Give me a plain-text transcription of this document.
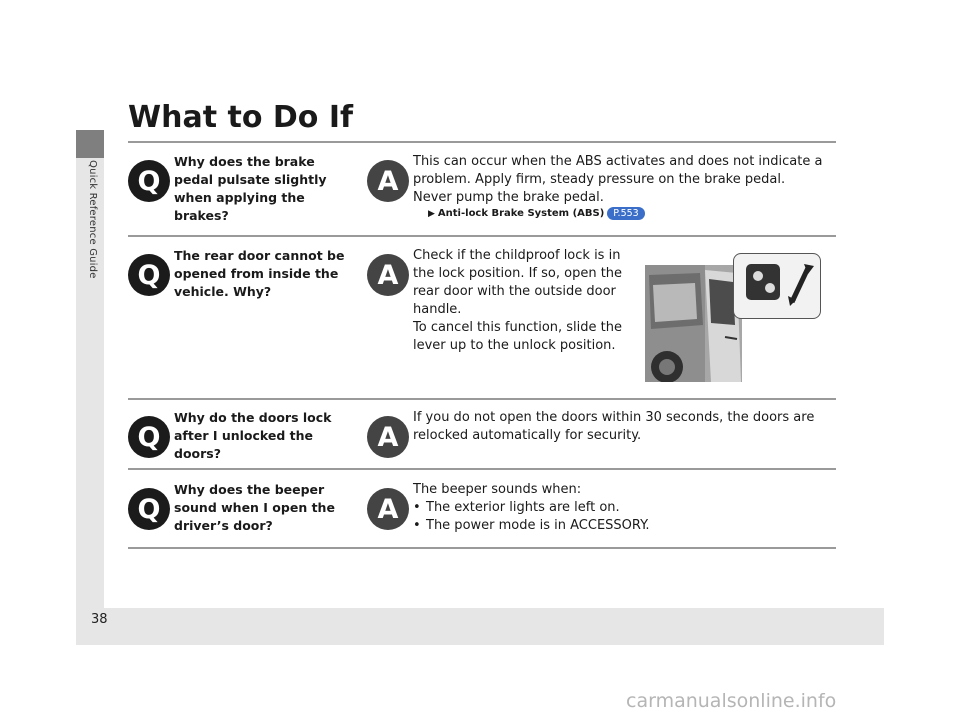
Quick Reference Guide
38
What to Do If
Q
Why does the brake pedal pulsate slightly when applying the brakes?
A
This can occur when the ABS activates and does not indicate a problem. Apply firm, steady pressure on the brake pedal. Never pump the brake pedal.
▶ Anti-lock Brake System (ABS) P.553
Q
The rear door cannot be opened from inside the vehicle. Why?
A
Check if the childproof lock is in the lock position. If so, open the rear door with the outside door handle.
To cancel this function, slide the lever up to the unlock position.
Q
Why do the doors lock after I unlocked the doors?
A
If you do not open the doors within 30 seconds, the doors are relocked automatically for security.
Q
Why does the beeper sound when I open the driver’s door?
A
The beeper sounds when:
• The exterior lights are left on.
• The power mode is in ACCESSORY.
carmanualsonline.info
